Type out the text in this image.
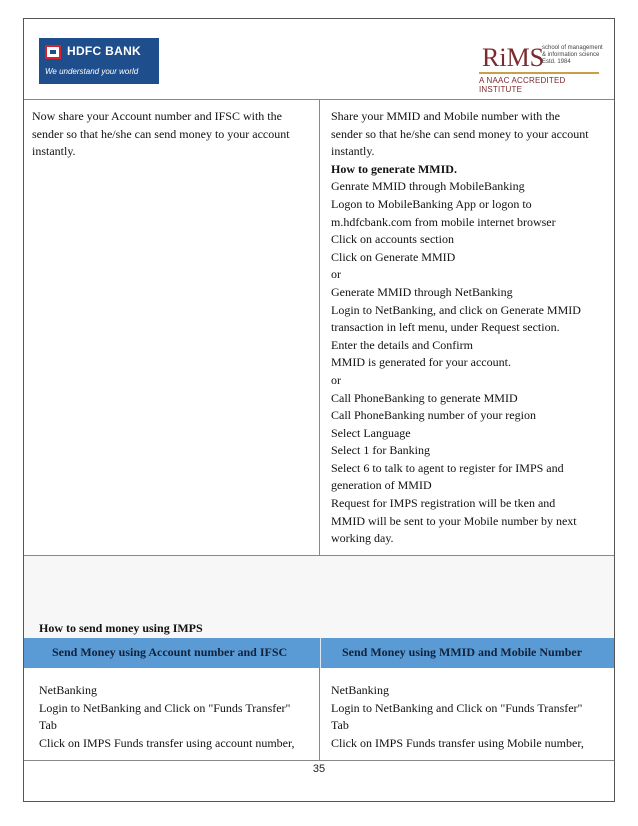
HDFC BANK
We understand your world	RiMS
school of management
& information science
Estd. 1984
A NAAC ACCREDITED INSTITUTE

Now share your Account number and IFSC with the

sender so that he/she can send money to your account

instantly.

Share your MMID and Mobile number with the

sender so that he/she can send money to your account

instantly.

How to generate MMID.

Genrate MMID through MobileBanking

Logon to MobileBanking App or logon to

m.hdfcbank.com from mobile internet browser

Click on accounts section

Click on Generate MMID

or

Generate MMID through NetBanking

Login to NetBanking, and click on Generate MMID

transaction in left menu, under Request section.

Enter the details and Confirm

MMID is generated for your account.

or

Call PhoneBanking to generate MMID

Call PhoneBanking number of your region

Select Language

Select 1 for Banking

Select 6 to talk to agent to register for IMPS and

generation of MMID

Request for IMPS registration will be tken and

MMID will be sent to your Mobile number by next

working day.

How to send money using IMPS
Send Money using Account number and IFSC	Send Money using MMID and Mobile Number

NetBanking

Login to NetBanking and Click on "Funds Transfer"

Tab

Click on IMPS Funds transfer using account number,

NetBanking

Login to NetBanking and Click on "Funds Transfer"

Tab

Click on IMPS Funds transfer using Mobile number,

35
